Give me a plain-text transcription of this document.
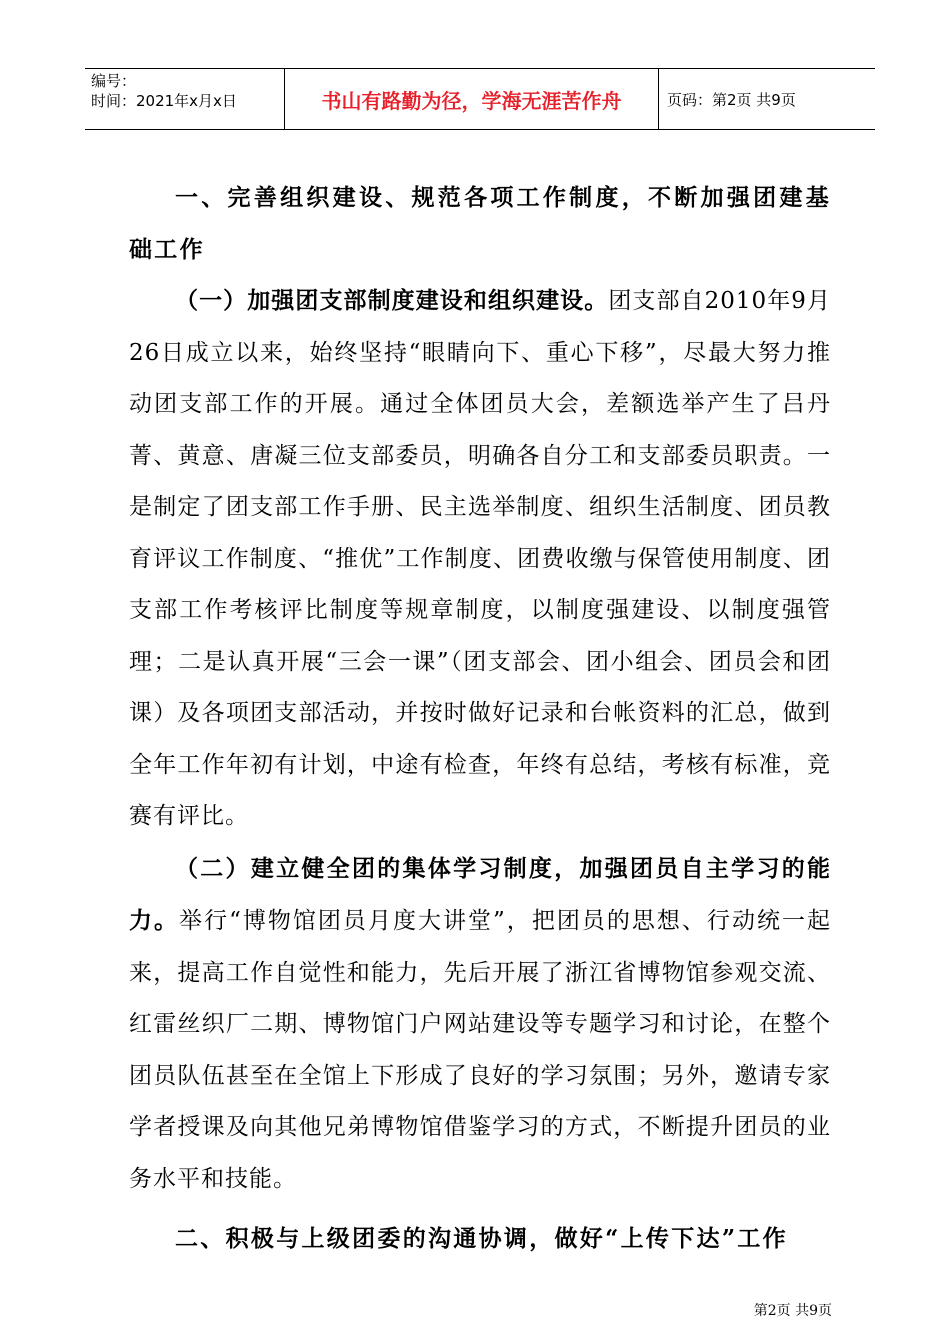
编号：
时间：2021年x月x日	书山有路勤为径，学海无涯苦作舟	页码：第2页 共9页

一、完善组织建设、规范各项工作制度，不断加强团建基础工作

（一）加强团支部制度建设和组织建设。团支部自2010年9月26日成立以来，始终坚持“眼睛向下、重心下移”，尽最大努力推动团支部工作的开展。通过全体团员大会，差额选举产生了吕丹菁、黄意、唐凝三位支部委员，明确各自分工和支部委员职责。一是制定了团支部工作手册、民主选举制度、组织生活制度、团员教育评议工作制度、“推优”工作制度、团费收缴与保管使用制度、团支部工作考核评比制度等规章制度，以制度强建设、以制度强管理；二是认真开展“三会一课”（团支部会、团小组会、团员会和团课）及各项团支部活动，并按时做好记录和台帐资料的汇总，做到全年工作年初有计划，中途有检查，年终有总结，考核有标准，竞赛有评比。

（二）建立健全团的集体学习制度，加强团员自主学习的能力。举行“博物馆团员月度大讲堂”，把团员的思想、行动统一起来，提高工作自觉性和能力，先后开展了浙江省博物馆参观交流、红雷丝织厂二期、博物馆门户网站建设等专题学习和讨论，在整个团员队伍甚至在全馆上下形成了良好的学习氛围；另外，邀请专家学者授课及向其他兄弟博物馆借鉴学习的方式，不断提升团员的业务水平和技能。

二、积极与上级团委的沟通协调，做好“上传下达”工作

第2页 共9页
